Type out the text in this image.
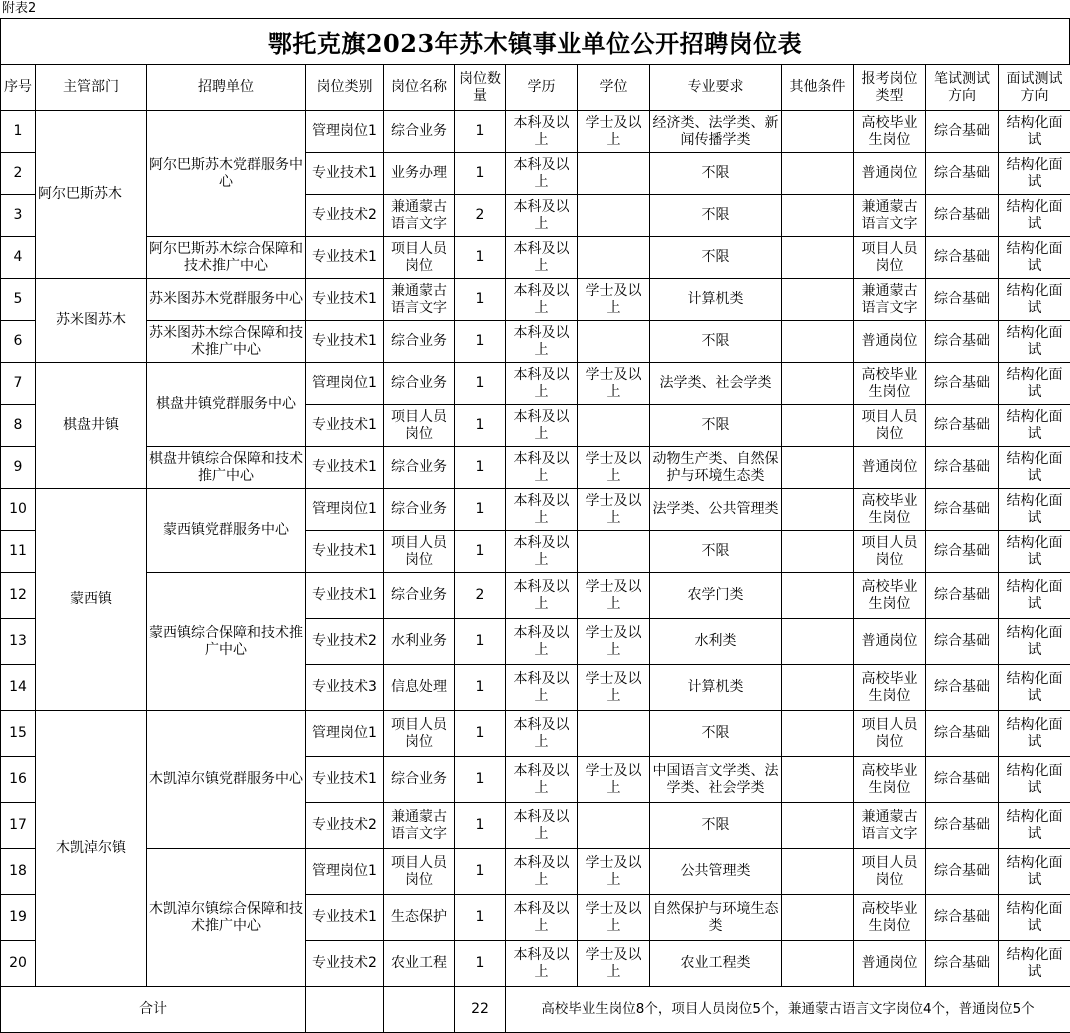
附表2
鄂托克旗2023年苏木镇事业单位公开招聘岗位表
序号	主管部门	招聘单位	岗位类别	岗位名称	岗位数量	学历	学位	专业要求	其他条件	报考岗位类型	笔试测试方向	面试测试方向
1	阿尔巴斯苏木	阿尔巴斯苏木党群服务中心	管理岗位1	综合业务	1	本科及以上	学士及以上	经济类、法学类、新闻传播学类		高校毕业生岗位	综合基础	结构化面试
2			专业技术1	业务办理	1	本科及以上		不限		普通岗位	综合基础	结构化面试
3			专业技术2	兼通蒙古语言文字	2	本科及以上		不限		兼通蒙古语言文字	综合基础	结构化面试
4		阿尔巴斯苏木综合保障和技术推广中心	专业技术1	项目人员岗位	1	本科及以上		不限		项目人员岗位	综合基础	结构化面试
5	苏米图苏木	苏米图苏木党群服务中心	专业技术1	兼通蒙古语言文字	1	本科及以上	学士及以上	计算机类		兼通蒙古语言文字	综合基础	结构化面试
6		苏米图苏木综合保障和技术推广中心	专业技术1	综合业务	1	本科及以上		不限		普通岗位	综合基础	结构化面试
7	棋盘井镇	棋盘井镇党群服务中心	管理岗位1	综合业务	1	本科及以上	学士及以上	法学类、社会学类		高校毕业生岗位	综合基础	结构化面试
8			专业技术1	项目人员岗位	1	本科及以上		不限		项目人员岗位	综合基础	结构化面试
9		棋盘井镇综合保障和技术推广中心	专业技术1	综合业务	1	本科及以上	学士及以上	动物生产类、自然保护与环境生态类		普通岗位	综合基础	结构化面试
10	蒙西镇	蒙西镇党群服务中心	管理岗位1	综合业务	1	本科及以上	学士及以上	法学类、公共管理类		高校毕业生岗位	综合基础	结构化面试
11			专业技术1	项目人员岗位	1	本科及以上		不限		项目人员岗位	综合基础	结构化面试
12		蒙西镇综合保障和技术推广中心	专业技术1	综合业务	2	本科及以上	学士及以上	农学门类		高校毕业生岗位	综合基础	结构化面试
13			专业技术2	水利业务	1	本科及以上	学士及以上	水利类		普通岗位	综合基础	结构化面试
14			专业技术3	信息处理	1	本科及以上	学士及以上	计算机类		高校毕业生岗位	综合基础	结构化面试
15	木凯淖尔镇	木凯淖尔镇党群服务中心	管理岗位1	项目人员岗位	1	本科及以上		不限		项目人员岗位	综合基础	结构化面试
16			专业技术1	综合业务	1	本科及以上	学士及以上	中国语言文学类、法学类、社会学类		高校毕业生岗位	综合基础	结构化面试
17			专业技术2	兼通蒙古语言文字	1	本科及以上		不限		兼通蒙古语言文字	综合基础	结构化面试
18		木凯淖尔镇综合保障和技术推广中心	管理岗位1	项目人员岗位	1	本科及以上	学士及以上	公共管理类		项目人员岗位	综合基础	结构化面试
19			专业技术1	生态保护	1	本科及以上	学士及以上	自然保护与环境生态类		高校毕业生岗位	综合基础	结构化面试
20			专业技术2	农业工程	1	本科及以上	学士及以上	农业工程类		普通岗位	综合基础	结构化面试
合计					22	高校毕业生岗位8个，项目人员岗位5个，兼通蒙古语言文字岗位4个，普通岗位5个						
